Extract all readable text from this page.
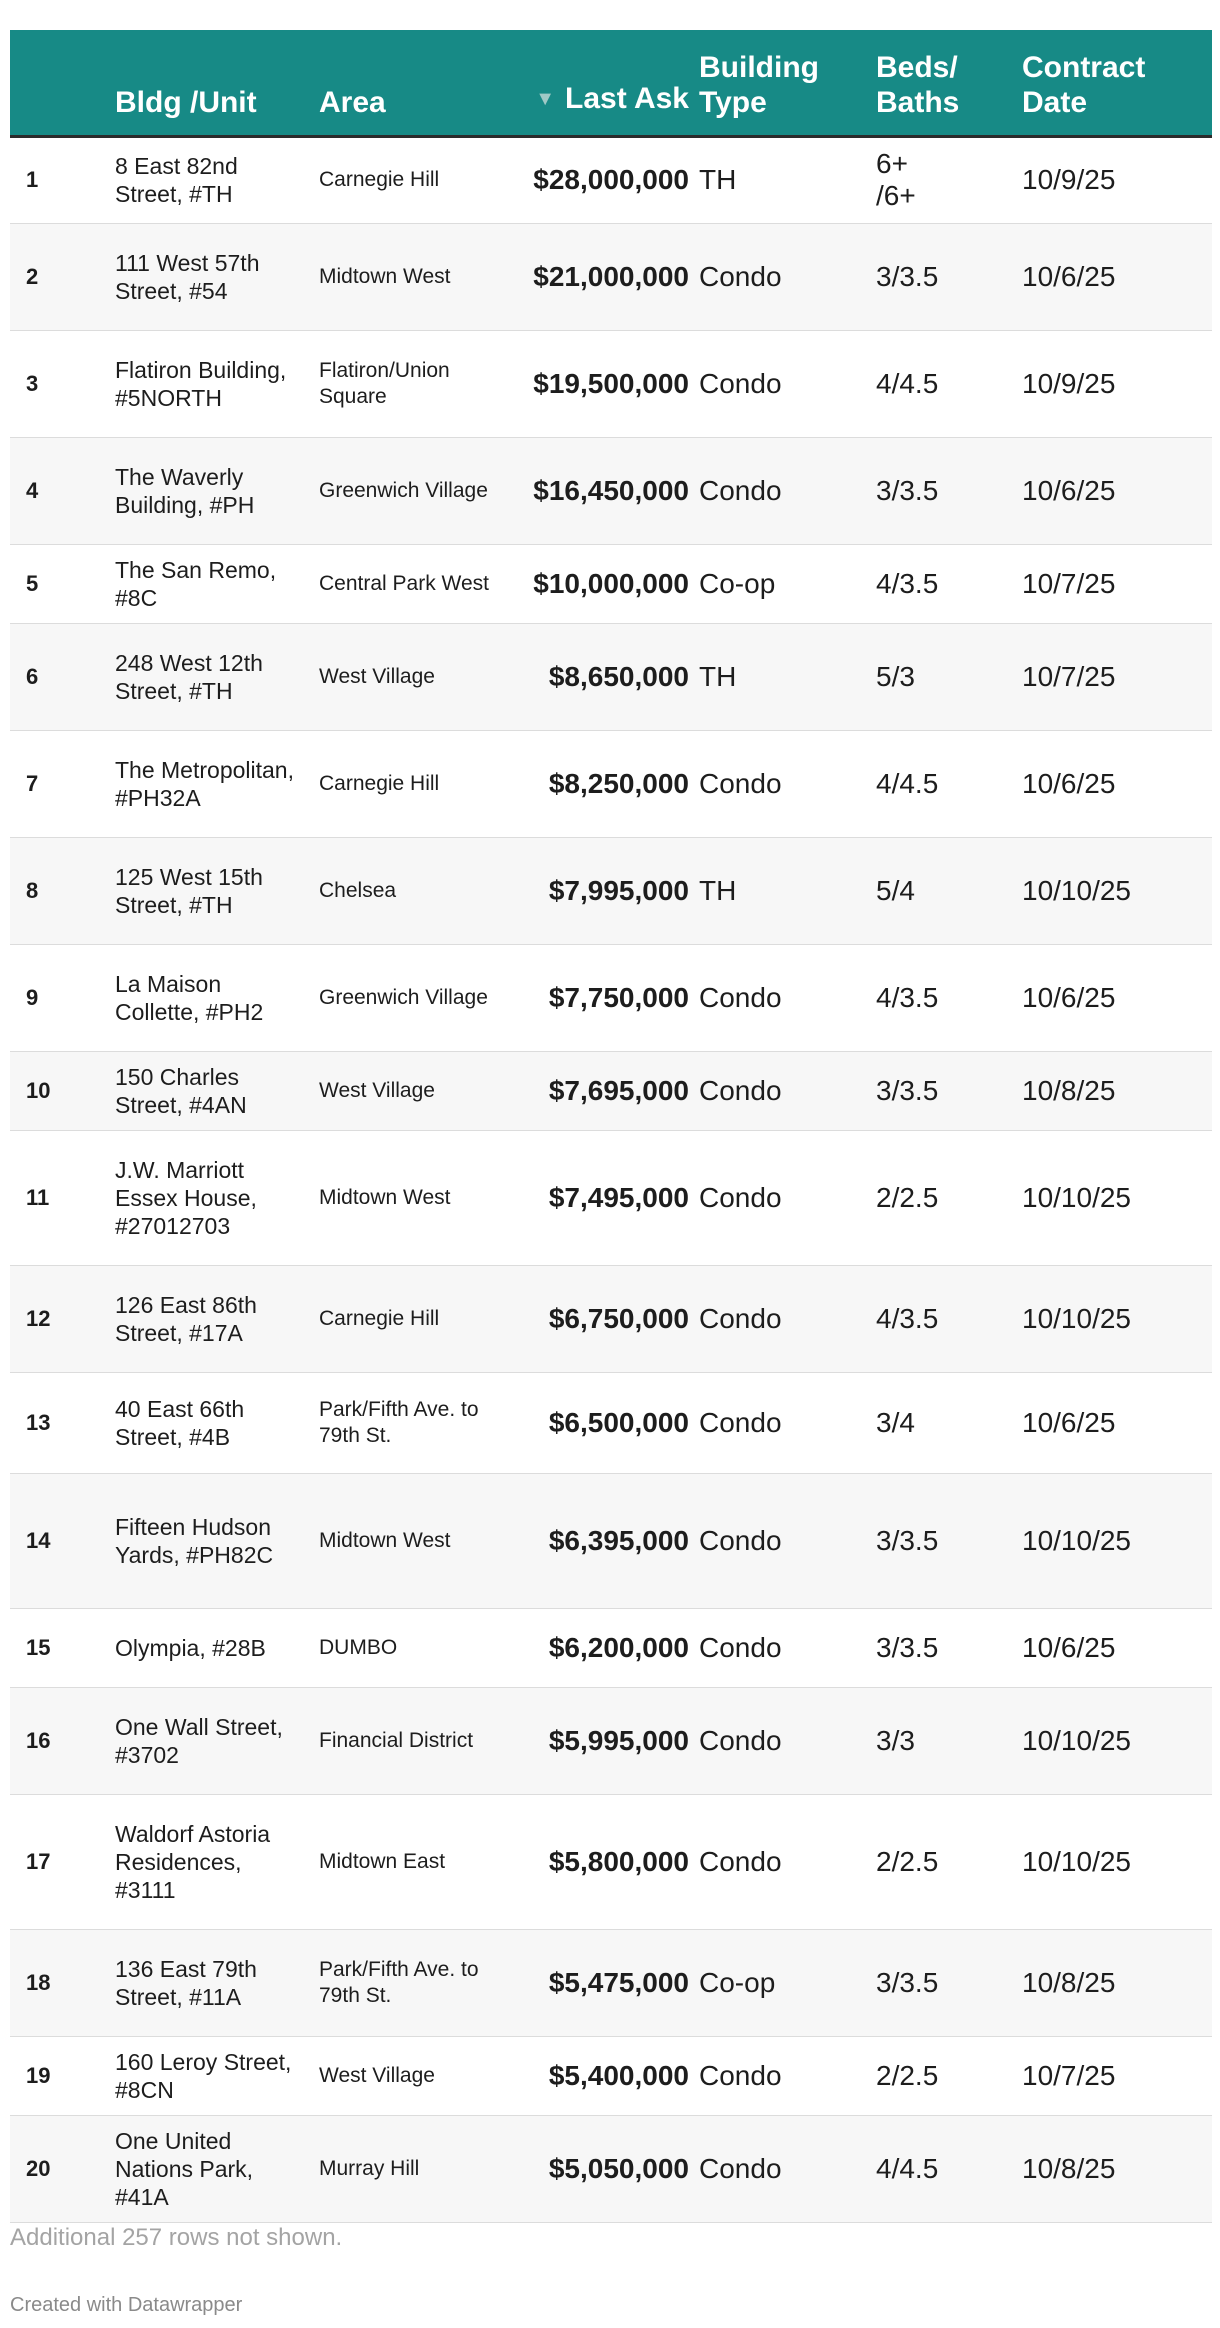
	Bldg /Unit	Area	▼ Last Ask	Building Type	Beds/ Baths	Contract Date
1	8 East 82nd Street, #TH	Carnegie Hill	$28,000,000	TH	6+ /6+	10/9/25
2	111 West 57th Street, #54	Midtown West	$21,000,000	Condo	3/3.5	10/6/25
3	Flatiron Building, #5NORTH	Flatiron/Union Square	$19,500,000	Condo	4/4.5	10/9/25
4	The Waverly Building, #PH	Greenwich Village	$16,450,000	Condo	3/3.5	10/6/25
5	The San Remo, #8C	Central Park West	$10,000,000	Co-op	4/3.5	10/7/25
6	248 West 12th Street, #TH	West Village	$8,650,000	TH	5/3	10/7/25
7	The Metropolitan, #PH32A	Carnegie Hill	$8,250,000	Condo	4/4.5	10/6/25
8	125 West 15th Street, #TH	Chelsea	$7,995,000	TH	5/4	10/10/25
9	La Maison Collette, #PH2	Greenwich Village	$7,750,000	Condo	4/3.5	10/6/25
10	150 Charles Street, #4AN	West Village	$7,695,000	Condo	3/3.5	10/8/25
11	J.W. Marriott Essex House, #27012703	Midtown West	$7,495,000	Condo	2/2.5	10/10/25
12	126 East 86th Street, #17A	Carnegie Hill	$6,750,000	Condo	4/3.5	10/10/25
13	40 East 66th Street, #4B	Park/Fifth Ave. to 79th St.	$6,500,000	Condo	3/4	10/6/25
14	Fifteen Hudson Yards, #PH82C	Midtown West	$6,395,000	Condo	3/3.5	10/10/25
15	Olympia, #28B	DUMBO	$6,200,000	Condo	3/3.5	10/6/25
16	One Wall Street, #3702	Financial District	$5,995,000	Condo	3/3	10/10/25
17	Waldorf Astoria Residences, #3111	Midtown East	$5,800,000	Condo	2/2.5	10/10/25
18	136 East 79th Street, #11A	Park/Fifth Ave. to 79th St.	$5,475,000	Co-op	3/3.5	10/8/25
19	160 Leroy Street, #8CN	West Village	$5,400,000	Condo	2/2.5	10/7/25
20	One United Nations Park, #41A	Murray Hill	$5,050,000	Condo	4/4.5	10/8/25
Additional 257 rows not shown.
Created with Datawrapper
